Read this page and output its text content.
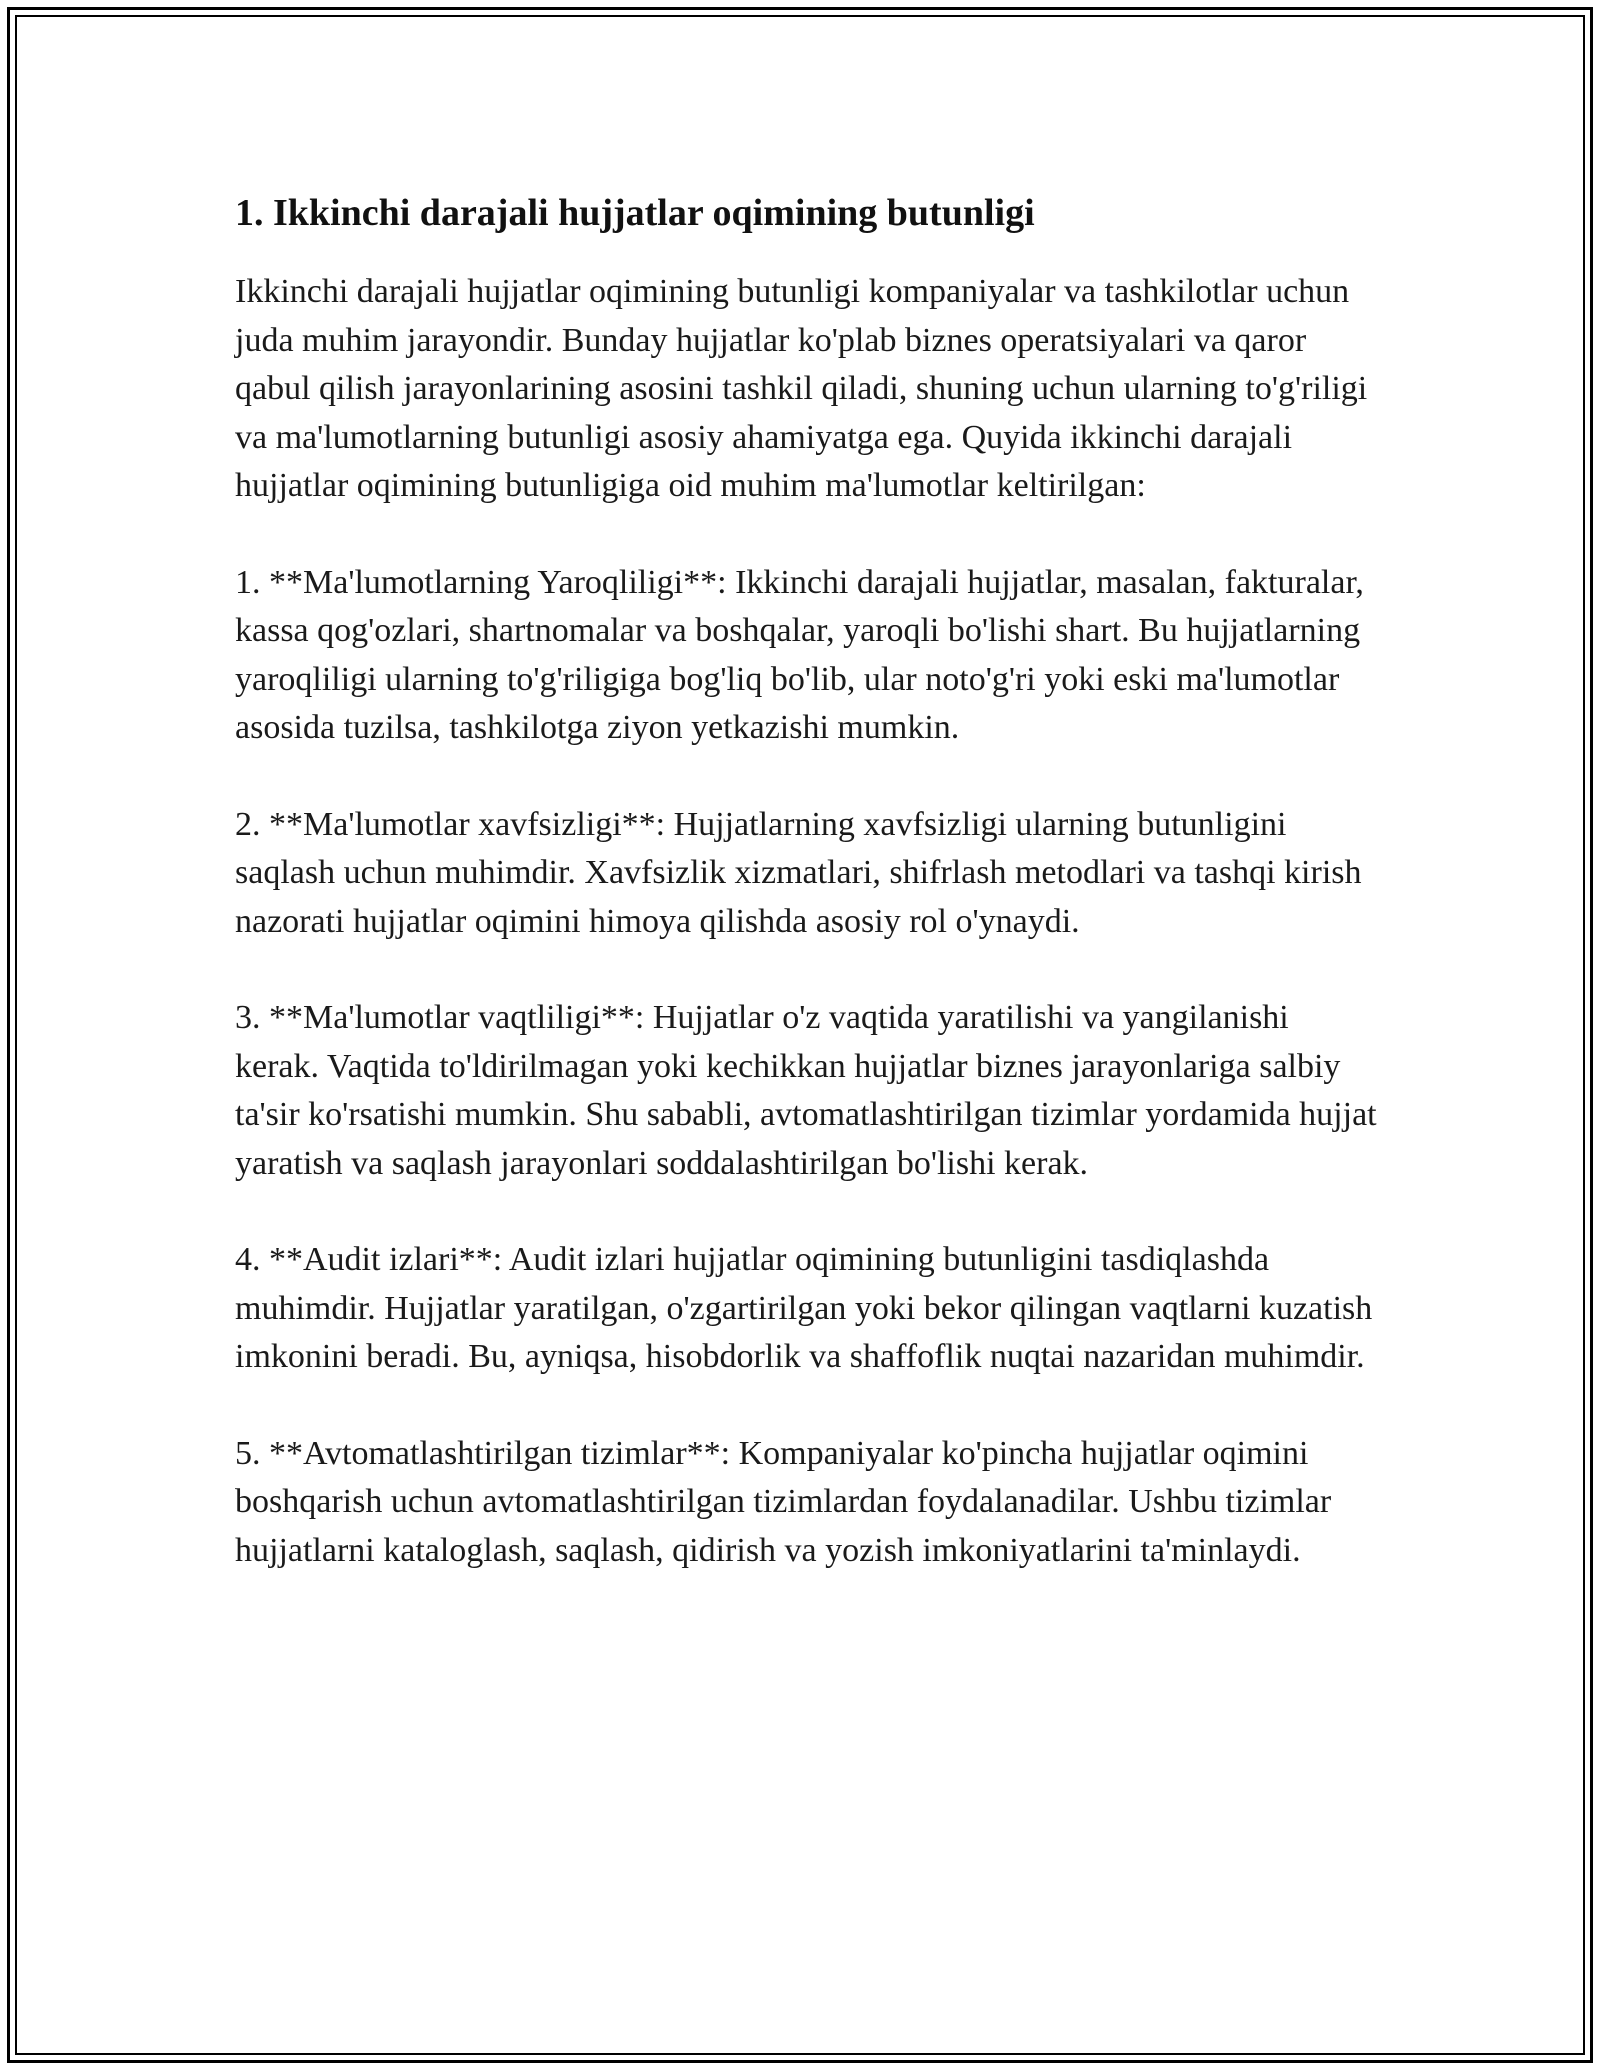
1. Ikkinchi darajali hujjatlar oqimining butunligi

Ikkinchi darajali hujjatlar oqimining butunligi kompaniyalar va tashkilotlar uchun juda muhim jarayondir. Bunday hujjatlar ko'plab biznes operatsiyalari va qaror qabul qilish jarayonlarining asosini tashkil qiladi, shuning uchun ularning to'g'riligi va ma'lumotlarning butunligi asosiy ahamiyatga ega. Quyida ikkinchi darajali hujjatlar oqimining butunligiga oid muhim ma'lumotlar keltirilgan:

1. **Ma'lumotlarning Yaroqliligi**: Ikkinchi darajali hujjatlar, masalan, fakturalar, kassa qog'ozlari, shartnomalar va boshqalar, yaroqli bo'lishi shart. Bu hujjatlarning yaroqliligi ularning to'g'riligiga bog'liq bo'lib, ular noto'g'ri yoki eski ma'lumotlar asosida tuzilsa, tashkilotga ziyon yetkazishi mumkin.

2. **Ma'lumotlar xavfsizligi**: Hujjatlarning xavfsizligi ularning butunligini saqlash uchun muhimdir. Xavfsizlik xizmatlari, shifrlash metodlari va tashqi kirish nazorati hujjatlar oqimini himoya qilishda asosiy rol o'ynaydi.

3. **Ma'lumotlar vaqtliligi**: Hujjatlar o'z vaqtida yaratilishi va yangilanishi kerak. Vaqtida to'ldirilmagan yoki kechikkan hujjatlar biznes jarayonlariga salbiy ta'sir ko'rsatishi mumkin. Shu sababli, avtomatlashtirilgan tizimlar yordamida hujjat yaratish va saqlash jarayonlari soddalashtirilgan bo'lishi kerak.

4. **Audit izlari**: Audit izlari hujjatlar oqimining butunligini tasdiqlashda muhimdir. Hujjatlar yaratilgan, o'zgartirilgan yoki bekor qilingan vaqtlarni kuzatish imkonini beradi. Bu, ayniqsa, hisobdorlik va shaffoflik nuqtai nazaridan muhimdir.

5. **Avtomatlashtirilgan tizimlar**: Kompaniyalar ko'pincha hujjatlar oqimini boshqarish uchun avtomatlashtirilgan tizimlardan foydalanadilar. Ushbu tizimlar hujjatlarni kataloglash, saqlash, qidirish va yozish imkoniyatlarini ta'minlaydi.
